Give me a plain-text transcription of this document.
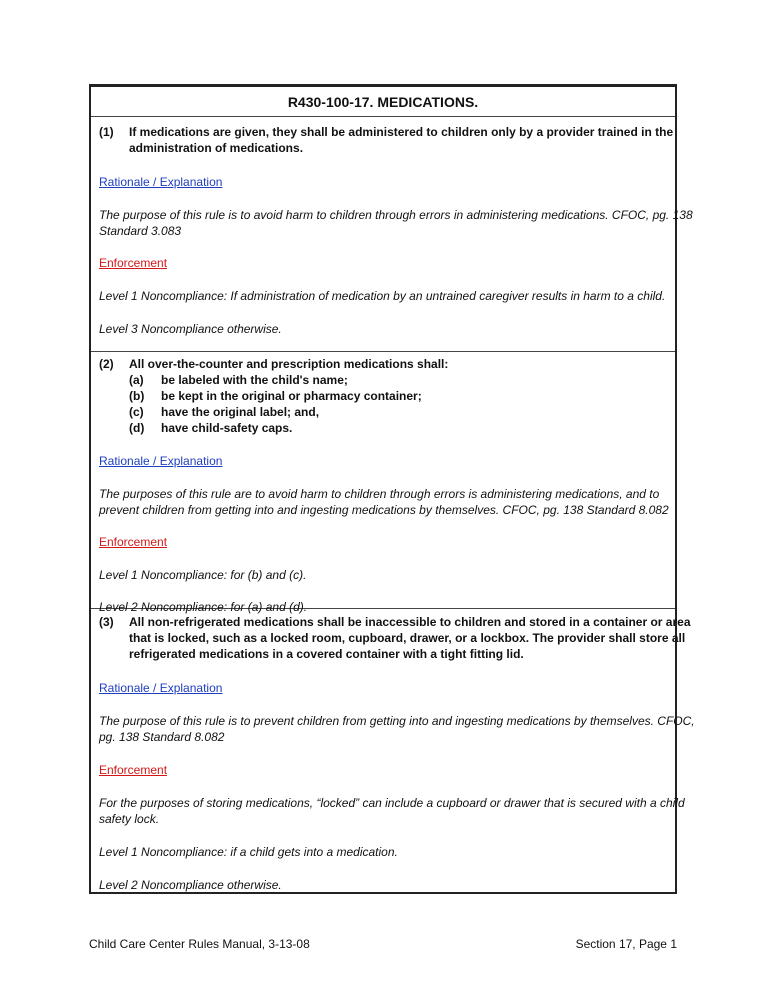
R430-100-17. MEDICATIONS.
(1) If medications are given, they shall be administered to children only by a provider trained in the
administration of medications.
Rationale / Explanation
The purpose of this rule is to avoid harm to children through errors in administering medications. CFOC, pg. 138
Standard 3.083
Enforcement
Level 1 Noncompliance: If administration of medication by an untrained caregiver results in harm to a child.
Level 3 Noncompliance otherwise.
(2) All over-the-counter and prescription medications shall:
(a) be labeled with the child's name;
(b) be kept in the original or pharmacy container;
(c) have the original label; and,
(d) have child-safety caps.
Rationale / Explanation
The purposes of this rule are to avoid harm to children through errors is administering medications, and to
prevent children from getting into and ingesting medications by themselves. CFOC, pg. 138 Standard 8.082
Enforcement
Level 1 Noncompliance: for (b) and (c).
Level 2 Noncompliance: for (a) and (d).
(3) All non-refrigerated medications shall be inaccessible to children and stored in a container or area
that is locked, such as a locked room, cupboard, drawer, or a lockbox. The provider shall store all
refrigerated medications in a covered container with a tight fitting lid.
Rationale / Explanation
The purpose of this rule is to prevent children from getting into and ingesting medications by themselves. CFOC,
pg. 138 Standard 8.082
Enforcement
For the purposes of storing medications, “locked” can include a cupboard or drawer that is secured with a child
safety lock.
Level 1 Noncompliance: if a child gets into a medication.
Level 2 Noncompliance otherwise.
Child Care Center Rules Manual, 3-13-08	Section 17, Page 1
